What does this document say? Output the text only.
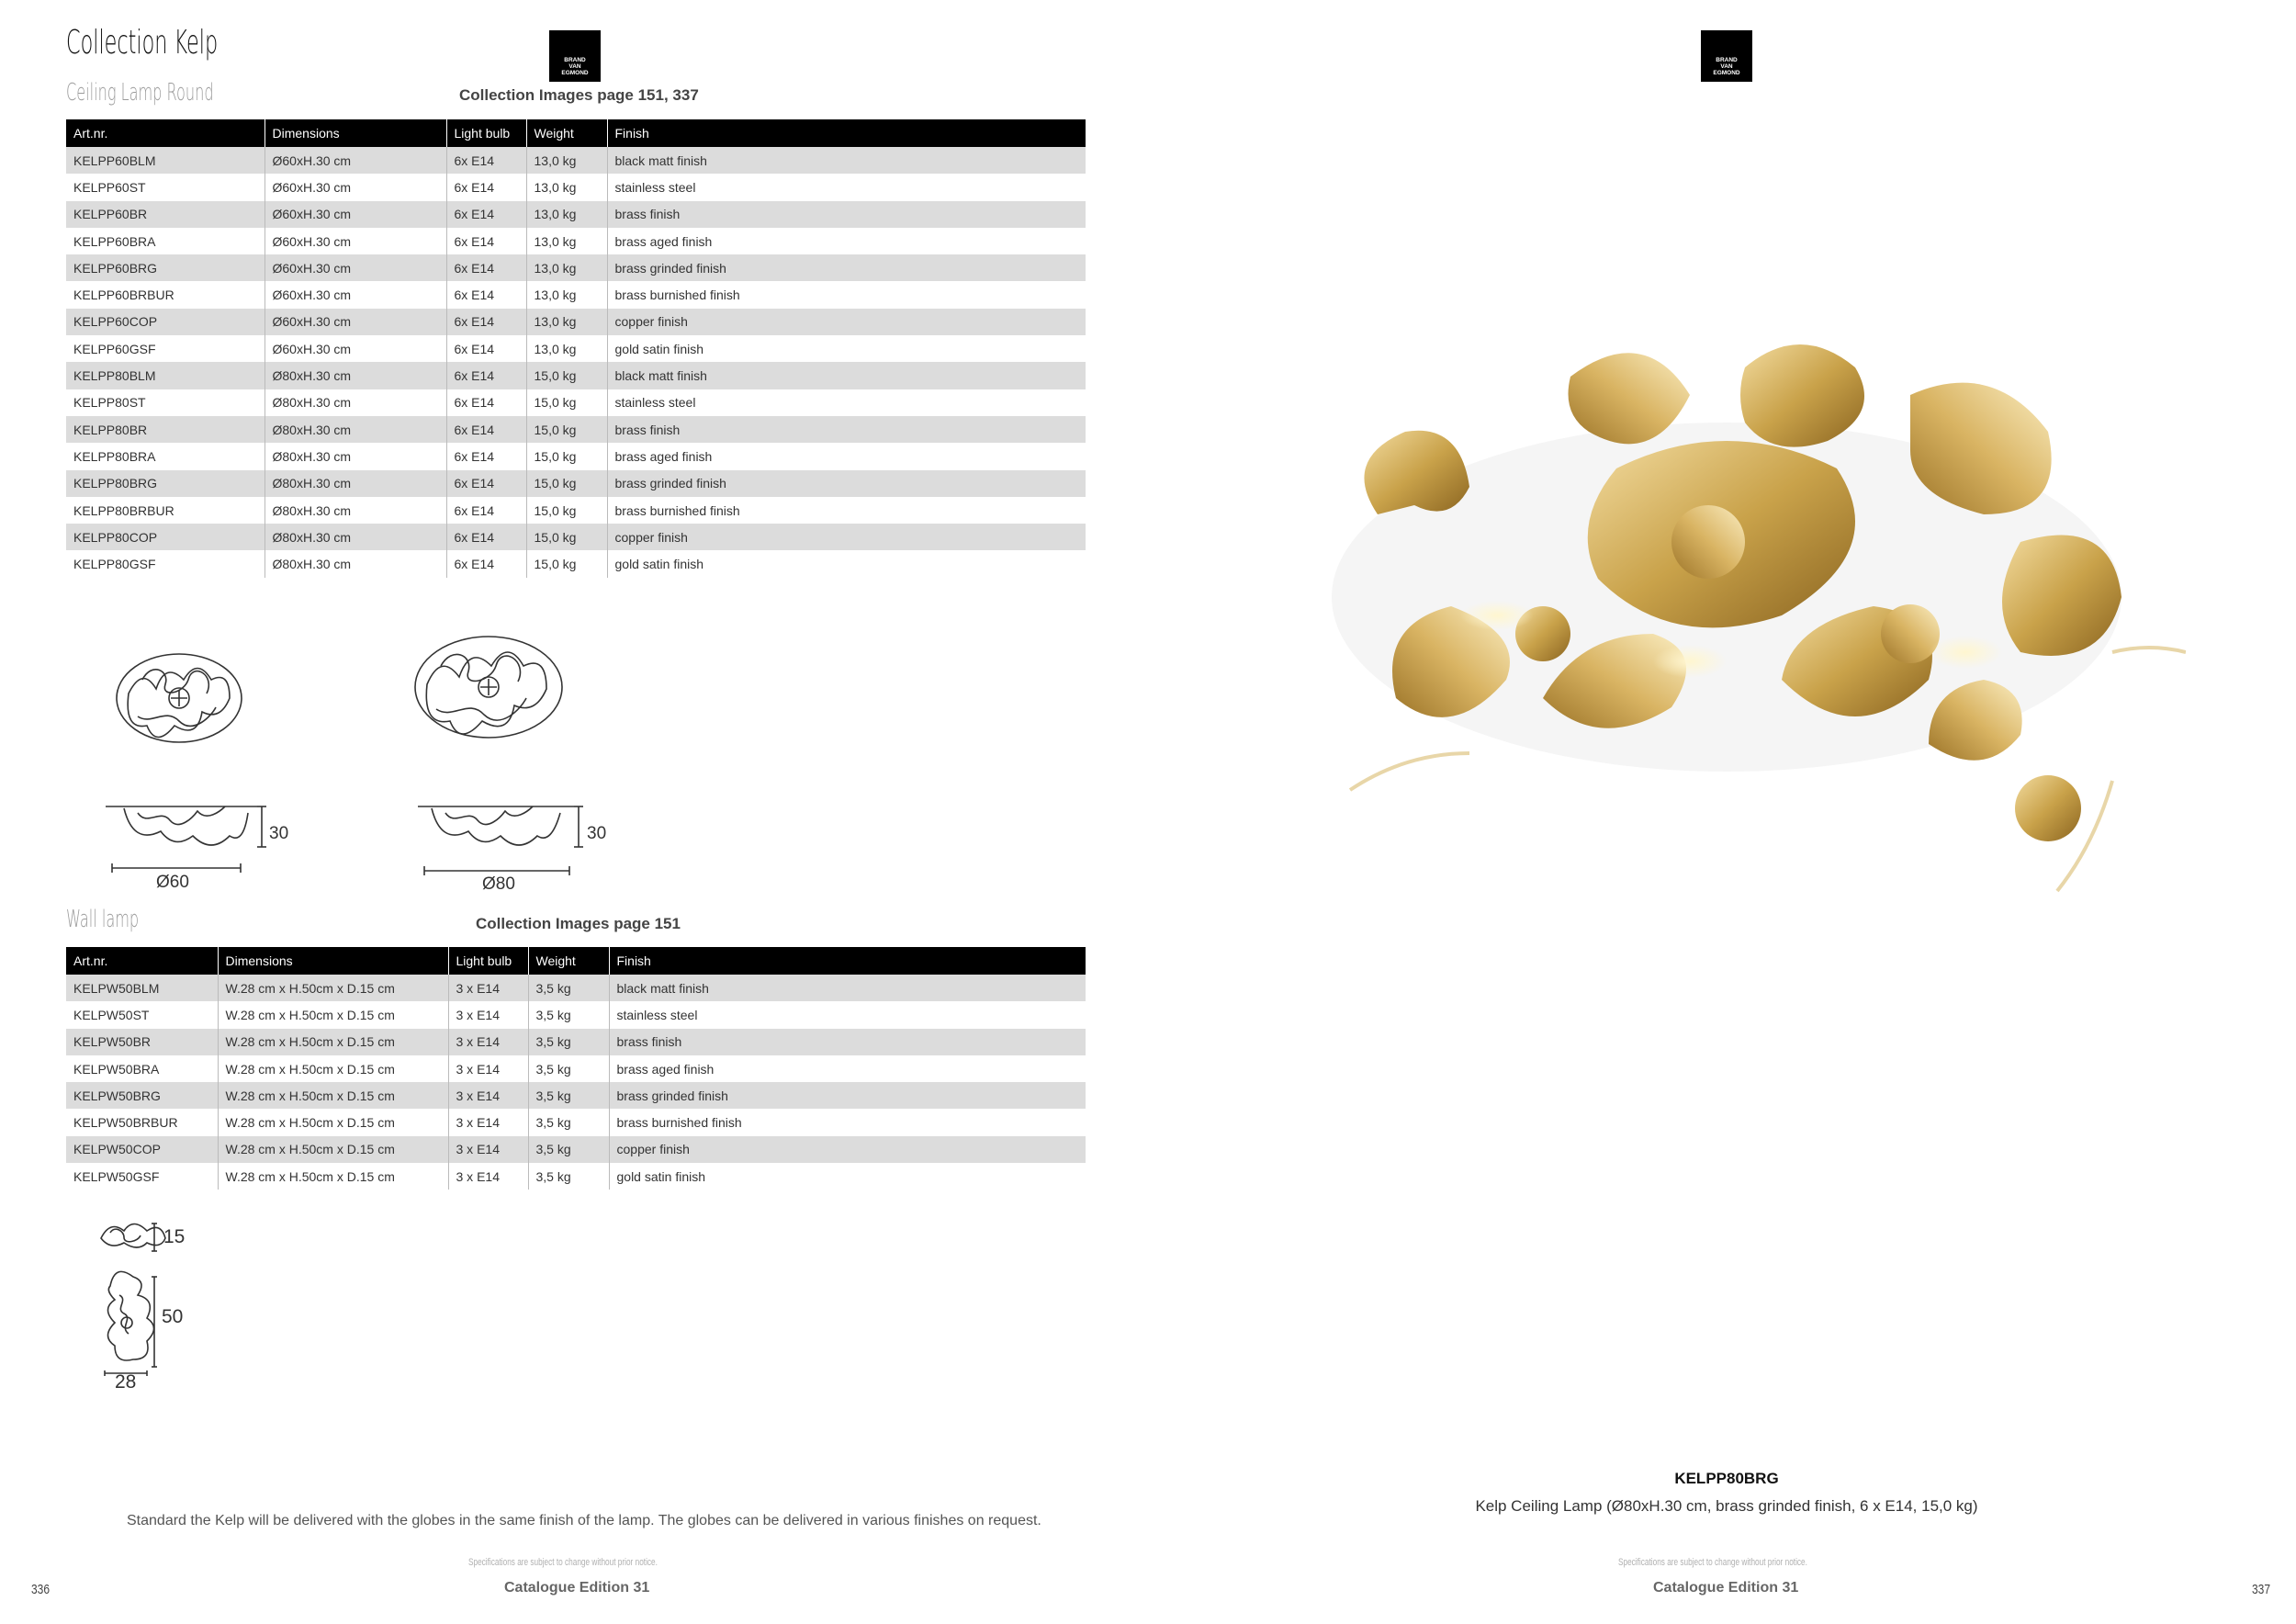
Collection Kelp
Ceiling Lamp Round	Collection Images page 151, 337
BRAND
VAN
EGMOND
Art.nr.	Dimensions	Light bulb	Weight	Finish
KELPP60BLM	Ø60xH.30 cm	6x E14	13,0 kg	black matt finish
KELPP60ST	Ø60xH.30 cm	6x E14	13,0 kg	stainless steel
KELPP60BR	Ø60xH.30 cm	6x E14	13,0 kg	brass finish
KELPP60BRA	Ø60xH.30 cm	6x E14	13,0 kg	brass aged finish
KELPP60BRG	Ø60xH.30 cm	6x E14	13,0 kg	brass grinded finish
KELPP60BRBUR	Ø60xH.30 cm	6x E14	13,0 kg	brass burnished finish
KELPP60COP	Ø60xH.30 cm	6x E14	13,0 kg	copper finish
KELPP60GSF	Ø60xH.30 cm	6x E14	13,0 kg	gold satin finish
KELPP80BLM	Ø80xH.30 cm	6x E14	15,0 kg	black matt finish
KELPP80ST	Ø80xH.30 cm	6x E14	15,0 kg	stainless steel
KELPP80BR	Ø80xH.30 cm	6x E14	15,0 kg	brass finish
KELPP80BRA	Ø80xH.30 cm	6x E14	15,0 kg	brass aged finish
KELPP80BRG	Ø80xH.30 cm	6x E14	15,0 kg	brass grinded finish
KELPP80BRBUR	Ø80xH.30 cm	6x E14	15,0 kg	brass burnished finish
KELPP80COP	Ø80xH.30 cm	6x E14	15,0 kg	copper finish
KELPP80GSF	Ø80xH.30 cm	6x E14	15,0 kg	gold satin finish
30
Ø60
30
Ø80
Wall lamp	Collection Images page 151
Art.nr.	Dimensions	Light bulb	Weight	Finish
KELPW50BLM	W.28 cm x H.50cm x D.15 cm	3 x E14	3,5 kg	black matt finish
KELPW50ST	W.28 cm x H.50cm x D.15 cm	3 x E14	3,5 kg	stainless steel
KELPW50BR	W.28 cm x H.50cm x D.15 cm	3 x E14	3,5 kg	brass finish
KELPW50BRA	W.28 cm x H.50cm x D.15 cm	3 x E14	3,5 kg	brass aged finish
KELPW50BRG	W.28 cm x H.50cm x D.15 cm	3 x E14	3,5 kg	brass grinded finish
KELPW50BRBUR	W.28 cm x H.50cm x D.15 cm	3 x E14	3,5 kg	brass burnished finish
KELPW50COP	W.28 cm x H.50cm x D.15 cm	3 x E14	3,5 kg	copper finish
KELPW50GSF	W.28 cm x H.50cm x D.15 cm	3 x E14	3,5 kg	gold satin finish
15
50
28
Standard the Kelp will be delivered with the globes in the same finish of the lamp. The globes can be delivered in various finishes on request.
Specifications are subject to change without prior notice.
Catalogue Edition 31
336
BRAND
VAN
EGMOND
KELPP80BRG
Kelp Ceiling Lamp (Ø80xH.30 cm, brass grinded finish, 6 x E14, 15,0 kg)
Specifications are subject to change without prior notice.
Catalogue Edition 31	337
